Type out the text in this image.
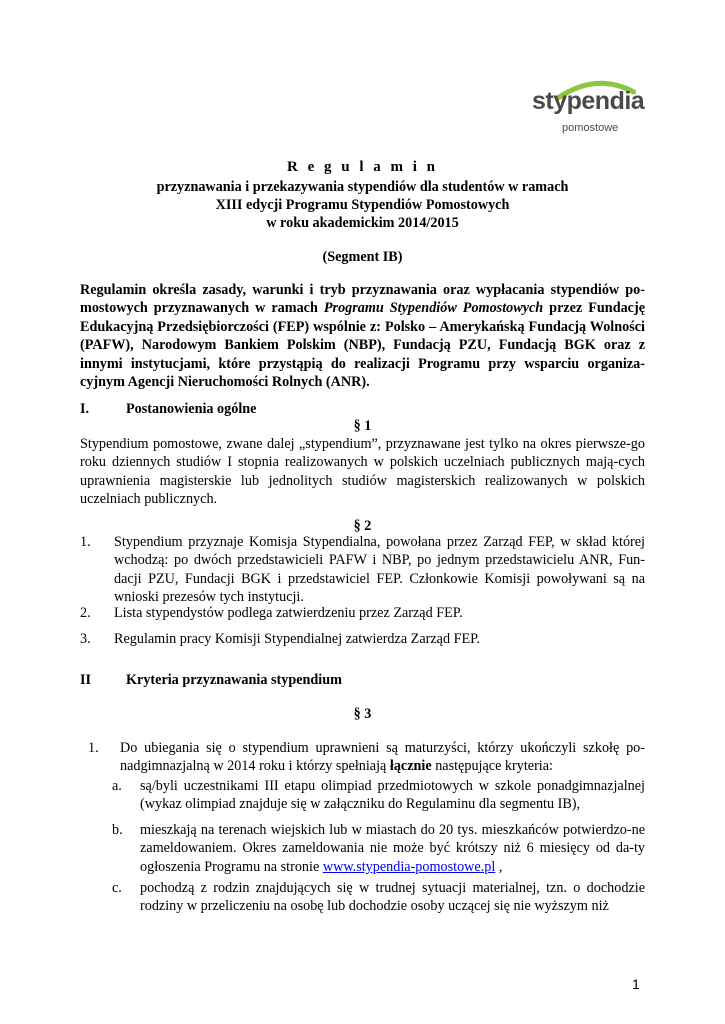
stypendia
pomostowe
R e g u l a m i n
przyznawania i przekazywania stypendiów dla studentów w ramach
XIII edycji Programu Stypendiów Pomostowych
w roku akademickim 2014/2015
(Segment IB)
Regulamin określa zasady, warunki i tryb przyznawania oraz wypłacania stypendiów po-mostowych przyznawanych w ramach Programu Stypendiów Pomostowych przez Fundację Edukacyjną Przedsiębiorczości (FEP) wspólnie z: Polsko – Amerykańską Fundacją Wolności (PAFW), Narodowym Bankiem Polskim (NBP), Fundacją PZU, Fundacją BGK oraz z innymi instytucjami, które przystąpią do realizacji Programu przy wsparciu organiza-cyjnym Agencji Nieruchomości Rolnych (ANR).
I.	Postanowienia ogólne
§ 1
Stypendium pomostowe, zwane dalej „stypendium”, przyznawane jest tylko na okres pierwsze-go roku dziennych studiów I stopnia realizowanych w polskich uczelniach publicznych mają-cych uprawnienia magisterskie lub jednolitych studiów magisterskich realizowanych w polskich uczelniach publicznych.
§ 2
1. Stypendium przyznaje Komisja Stypendialna, powołana przez Zarząd FEP, w skład której wchodzą: po dwóch przedstawicieli PAFW i NBP, po jednym przedstawicielu ANR, Fun-dacji PZU, Fundacji BGK i przedstawiciel FEP. Członkowie Komisji powoływani są na wnioski prezesów tych instytucji.
2. Lista stypendystów podlega zatwierdzeniu przez Zarząd FEP.
3. Regulamin pracy Komisji Stypendialnej zatwierdza Zarząd FEP.
II Kryteria przyznawania stypendium
§ 3
1. Do ubiegania się o stypendium uprawnieni są maturzyści, którzy ukończyli szkołę po-nadgimnazjalną w 2014 roku i którzy spełniają łącznie następujące kryteria:
a. są/byli uczestnikami III etapu olimpiad przedmiotowych w szkole ponadgimnazjalnej (wykaz olimpiad znajduje się w załączniku do Regulaminu dla segmentu IB),
b. mieszkają na terenach wiejskich lub w miastach do 20 tys. mieszkańców potwierdzo-ne zameldowaniem. Okres zameldowania nie może być krótszy niż 6 miesięcy od da-ty ogłoszenia Programu na stronie www.stypendia-pomostowe.pl ,
c. pochodzą z rodzin znajdujących się w trudnej sytuacji materialnej, tzn. o dochodzie rodziny w przeliczeniu na osobę lub dochodzie osoby uczącej się nie wyższym niż
1
